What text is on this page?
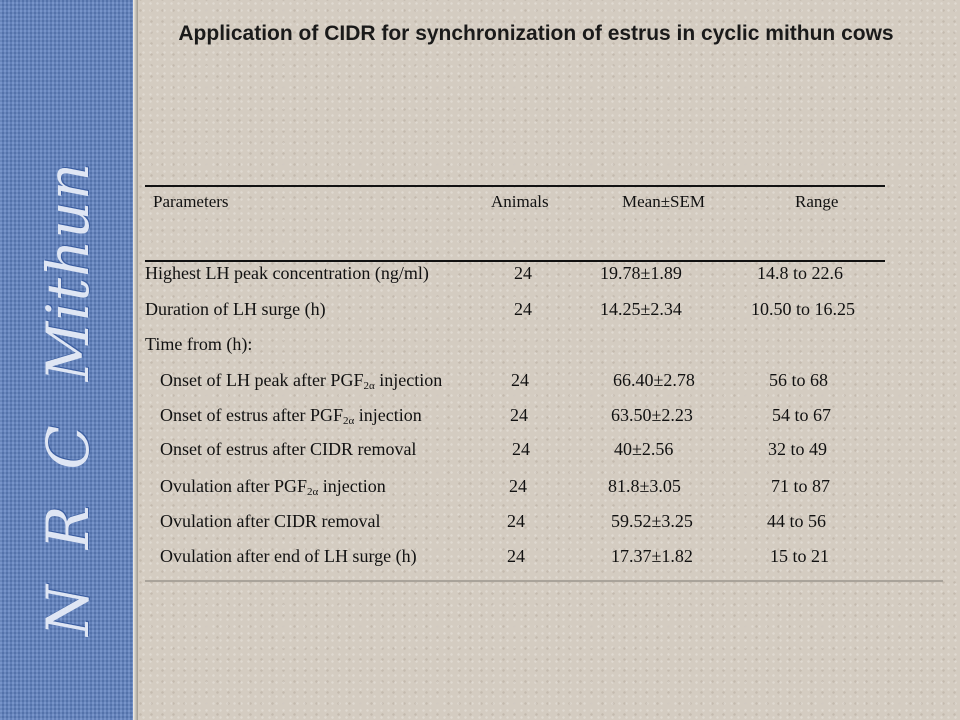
N
R
C
Mithun
Application of CIDR for synchronization of estrus in cyclic mithun cows
Parameters	Animals	Mean±SEM	Range
Highest LH peak concentration (ng/ml)	24	19.78±1.89	14.8 to 22.6
Duration of LH surge (h)	24	14.25±2.34	10.50 to 16.25
Time from (h):
Onset of LH peak after $PGF_{2\alpha}$ injection	24	66.40±2.78	56 to 68
Onset of estrus after $PGF_{2\alpha}$ injection	24	63.50±2.23	54 to 67
Onset of estrus after CIDR removal	24	40±2.56	32 to 49
Ovulation after $PGF_{2\alpha}$ injection	24	81.8±3.05	71 to 87
Ovulation after CIDR removal	24	59.52±3.25	44 to 56
Ovulation after end of LH surge (h)	24	17.37±1.82	15 to 21
